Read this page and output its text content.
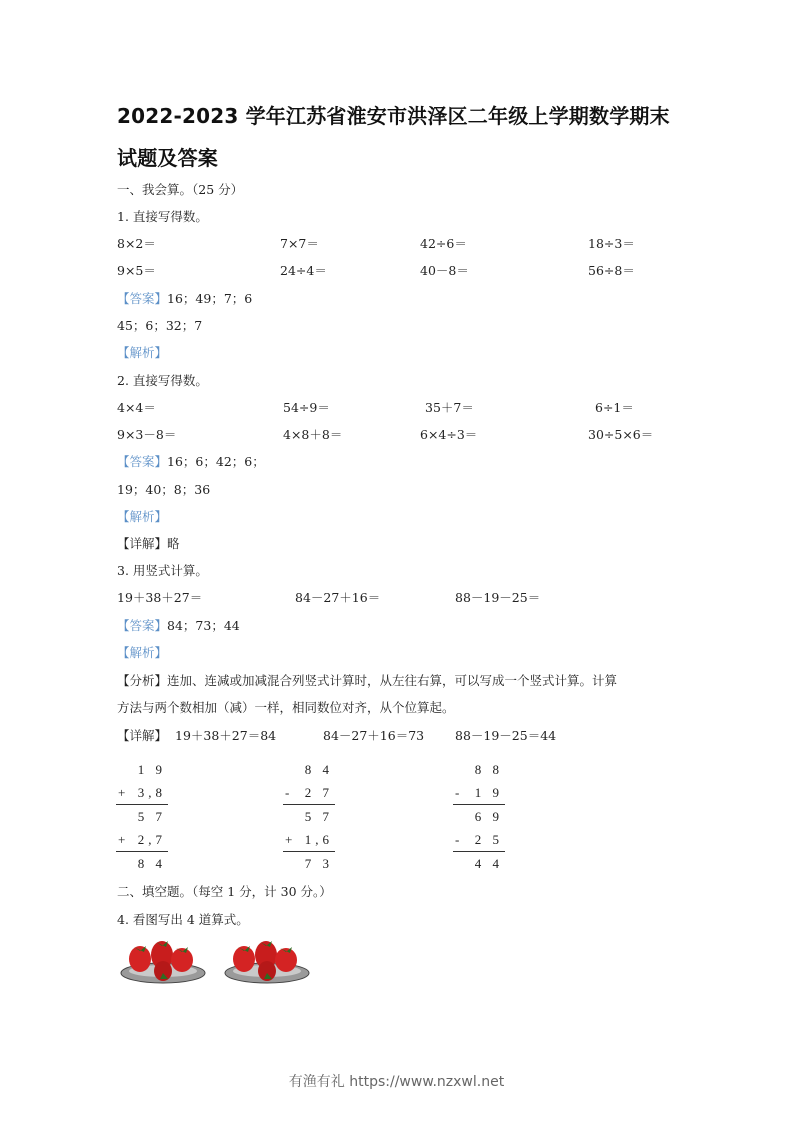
2022-2023 学年江苏省淮安市洪泽区二年级上学期数学期末
试题及答案
一、我会算。（25 分）
1. 直接写得数。
8×2＝	7×7＝	42÷6＝	18÷3＝
9×5＝	24÷4＝	40－8＝	56÷8＝
【答案】16；49；7；6
45；6；32；7
【解析】
2. 直接写得数。
4×4＝	54÷9＝	35＋7＝	6÷1＝
9×3－8＝	4×8＋8＝	6×4÷3＝	30÷5×6＝
【答案】16；6；42；6；
19；40；8；36
【解析】
【详解】略
3. 用竖式计算。
19＋38＋27＝	84－27＋16＝	88－19－25＝
【答案】84；73；44
【解析】
【分析】连加、连减或加减混合列竖式计算时，从左往右算，可以写成一个竖式计算。计算
方法与两个数相加（减）一样，相同数位对齐，从个位算起。
【详解】 19＋38＋27＝84	84－27＋16＝73 88－19－25＝44
1 9
+ 3,8
5 7
+ 2,7
8 4
8 4
- 2 7
5 7
+ 1,6
7 3
8 8
- 1 9
6 9
- 2 5
4 4
二、填空题。（每空 1 分，计 30 分。）
4. 看图写出 4 道算式。
有渔有礼 https://www.nzxwl.net
